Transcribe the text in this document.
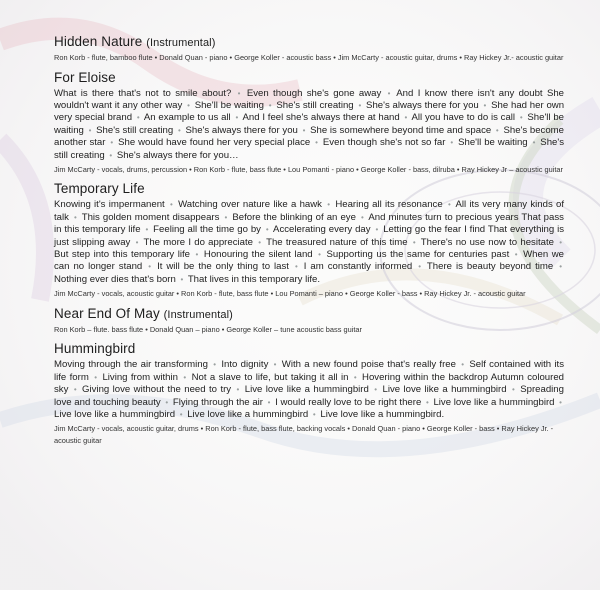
Hidden Nature (Instrumental)
Ron Korb - flute, bamboo flute • Donald Quan - piano • George Koller - acoustic bass • Jim McCarty - acoustic guitar, drums • Ray Hickey Jr.- acoustic guitar
For Eloise
What is there that's not to smile about? • Even though she's gone away • And I know there isn't any doubt She wouldn't want it any other way • She'll be waiting • She's still creating • She's always there for you • She had her own very special brand • An example to us all • And I feel she's always there at hand • All you have to do is call • She'll be waiting • She's still creating • She's always there for you • She is somewhere beyond time and space • She's become another star • She would have found her very special place • Even though she's not so far • She'll be waiting • She's still creating • She's always there for you…
Jim McCarty - vocals, drums, percussion • Ron Korb - flute, bass flute • Lou Pomanti - piano • George Koller - bass, dilruba • Ray Hickey Jr – acoustic guitar
Temporary Life
Knowing it's impermanent • Watching over nature like a hawk • Hearing all its resonance • All its very many kinds of talk • This golden moment disappears • Before the blinking of an eye • And minutes turn to precious years That pass in this temporary life • Feeling all the time go by • Accelerating every day • Letting go the fear I find That everything is just slipping away • The more I do appreciate • The treasured nature of this time • There's no use now to hesitate • But step into this temporary life • Honouring the silent land • Supporting us the same for centuries past • When we can no longer stand • It will be the only thing to last • I am constantly informed • There is beauty beyond time • Nothing ever dies that's born • That lives in this temporary life.
Jim McCarty - vocals, acoustic guitar • Ron Korb - flute, bass flute • Lou Pomanti – piano • George Koller - bass • Ray Hickey Jr. - acoustic guitar
Near End Of May (Instrumental)
Ron Korb – flute. bass flute • Donald Quan – piano • George Koller – tune acoustic bass guitar
Hummingbird
Moving through the air transforming • Into dignity • With a new found poise that's really free • Self contained with its life form • Living from within • Not a slave to life, but taking it all in • Hovering within the backdrop Autumn coloured sky • Giving love without the need to try • Live love like a hummingbird • Live love like a hummingbird • Spreading love and touching beauty • Flying through the air • I would really love to be right there • Live love like a hummingbird • Live love like a hummingbird • Live love like a hummingbird • Live love like a hummingbird.
Jim McCarty - vocals, acoustic guitar, drums • Ron Korb - flute, bass flute, backing vocals • Donald Quan - piano • George Koller - bass • Ray Hickey Jr. - acoustic guitar
